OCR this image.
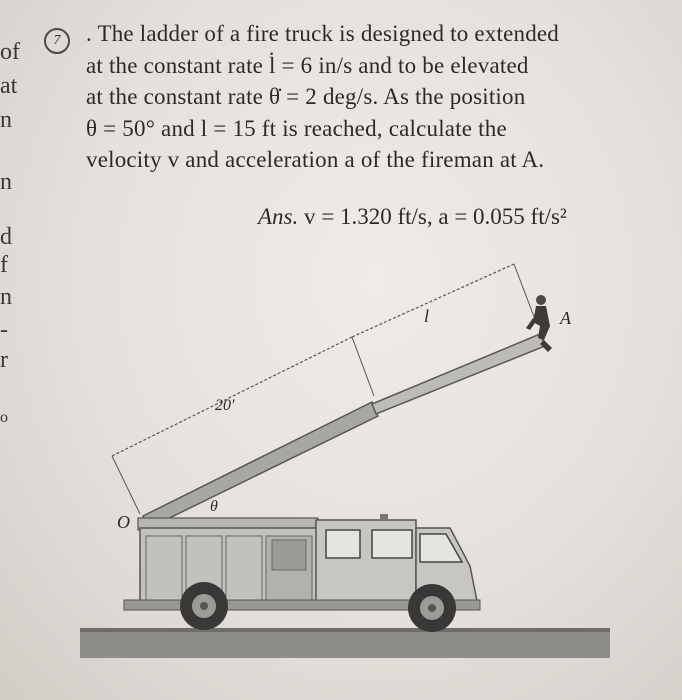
of
at
n
n
d
f
n
-
r
o
7	. The ladder of a fire truck is designed to extended
at the constant rate l̇ = 6 in/s and to be elevated
at the constant rate θ̇ = 2 deg/s. As the position
θ = 50° and l = 15 ft is reached, calculate the
velocity v and acceleration a of the fireman at A.
Ans. v = 1.320 ft/s, a = 0.055 ft/s²
20′
l	A
O
θ
